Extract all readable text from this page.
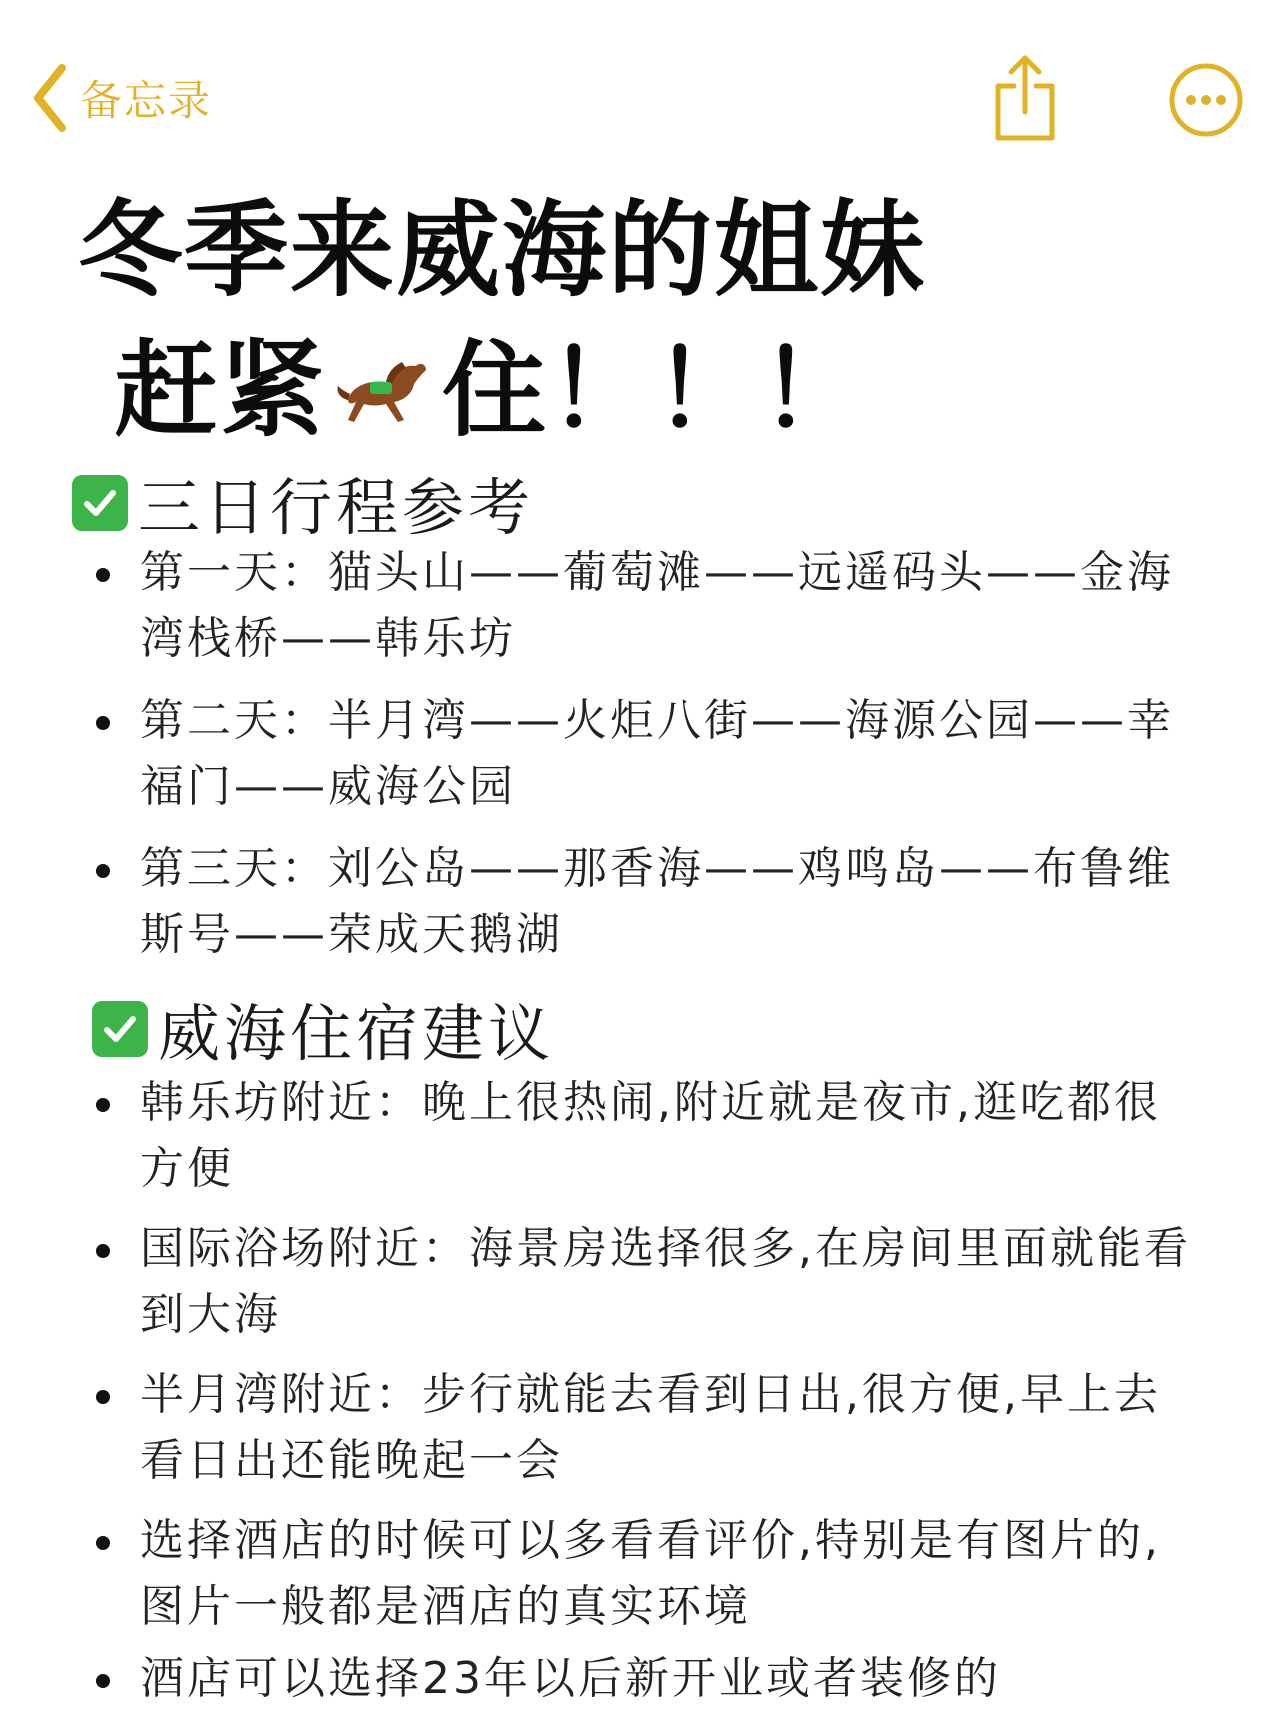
备忘录
冬季来威海的姐妹
赶紧 住！！！
三日行程参考
第一天：猫头山——葡萄滩——远遥码头——金海湾栈桥——韩乐坊
第二天：半月湾——火炬八街——海源公园——幸福门——威海公园
第三天：刘公岛——那香海——鸡鸣岛——布鲁维斯号——荣成天鹅湖
威海住宿建议
韩乐坊附近：晚上很热闹,附近就是夜市,逛吃都很方便
国际浴场附近：海景房选择很多,在房间里面就能看到大海
半月湾附近：步行就能去看到日出,很方便,早上去看日出还能晚起一会
选择酒店的时候可以多看看评价,特别是有图片的,图片一般都是酒店的真实环境
酒店可以选择23年以后新开业或者装修的
